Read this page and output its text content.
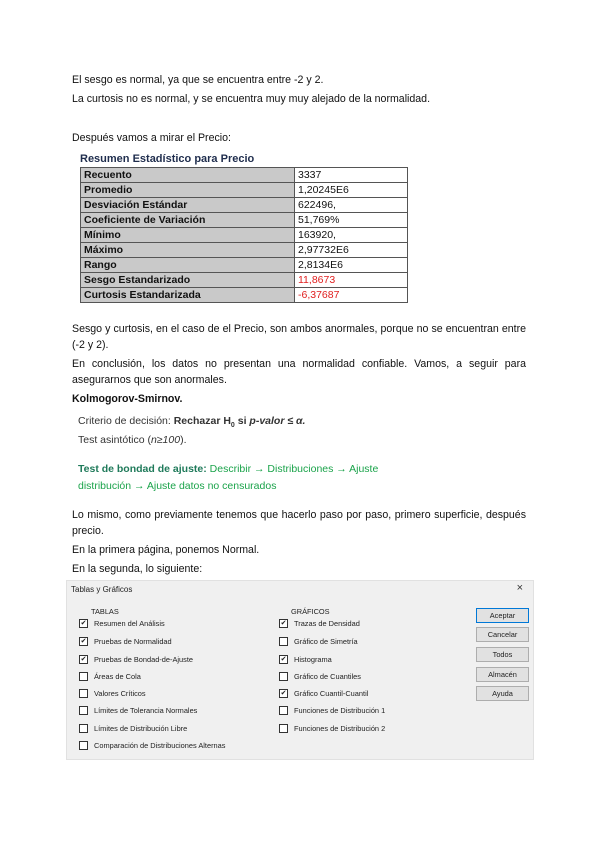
El sesgo es normal, ya que se encuentra entre -2 y 2.

La curtosis no es normal, y se encuentra muy muy alejado de la normalidad.

Después vamos a mirar el Precio:

Resumen Estadístico para Precio
Recuento	3337
Promedio	1,20245E6
Desviación Estándar	622496,
Coeficiente de Variación	51,769%
Mínimo	163920,
Máximo	2,97732E6
Rango	2,8134E6
Sesgo Estandarizado	11,8673
Curtosis Estandarizada	-6,37687

Sesgo y curtosis, en el caso de el Precio, son ambos anormales, porque no se encuentran entre (-2 y 2).

En conclusión, los datos no presentan una normalidad confiable. Vamos, a seguir para asegurarnos que son anormales.

Kolmogorov-Smirnov.

Criterio de decisión: Rechazar $H_0$ si p-valor ≤ α.
Test asintótico (n≥100).
Test de bondad de ajuste: Describir → Distribuciones → Ajuste
distribución → Ajuste datos no censurados

Lo mismo, como previamente tenemos que hacerlo paso por paso, primero superficie, después precio.

En la primera página, ponemos Normal.

En la segunda, lo siguiente:

Tablas y Gráficos	×
TABLAS
✔ Resumen del Análisis
✔ Pruebas de Normalidad
✔ Pruebas de Bondad-de-Ajuste
Áreas de Cola
Valores Críticos
Límites de Tolerancia Normales
Límites de Distribución Libre
Comparación de Distribuciones Alternas
GRÁFICOS
✔ Trazas de Densidad
Gráfico de Simetría
✔ Histograma
Gráfico de Cuantiles
✔ Gráfico Cuantil-Cuantil
Funciones de Distribución 1
Funciones de Distribución 2
Aceptar
Cancelar
Todos
Almacén
Ayuda
